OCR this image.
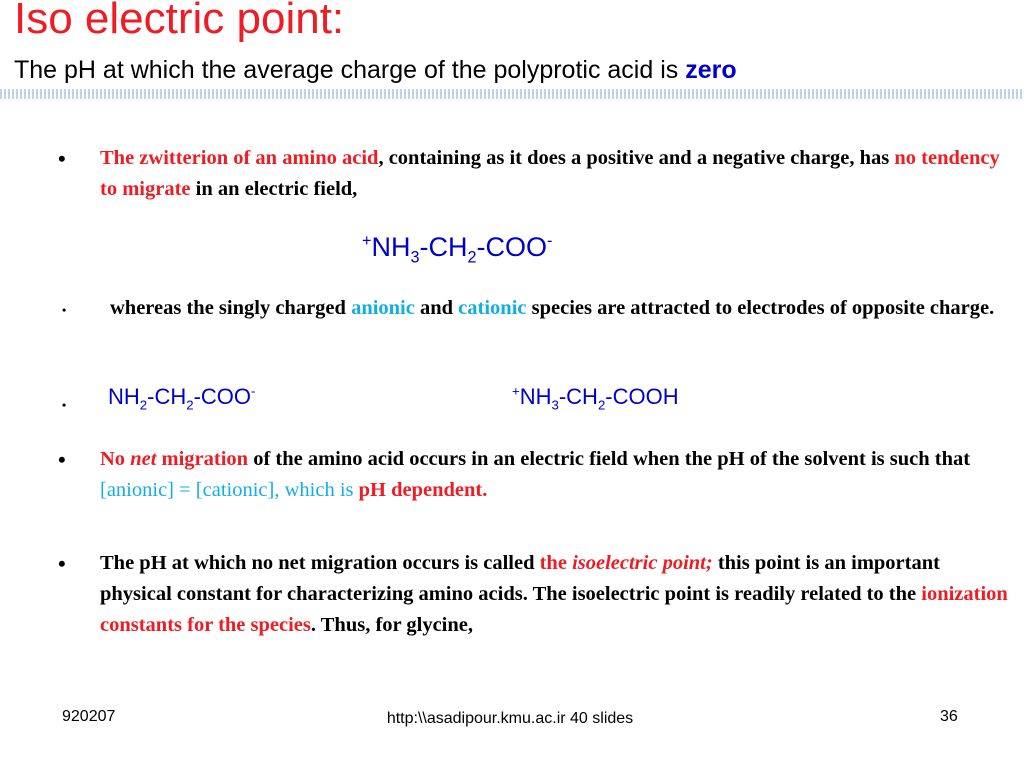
Iso electric point:
The pH at which the average charge of the polyprotic acid is zero
• The zwitterion of an amino acid, containing as it does a positive and a negative charge, has no tendency to migrate in an electric field,
$^+NH_3-CH_2-COO^-$
•	whereas the singly charged anionic and cationic species are attracted to electrodes of opposite charge.
• $NH_2-CH_2-COO^-$	$^+NH_3-CH_2$-COOH
• No net migration of the amino acid occurs in an electric field when the pH of the solvent is such that [anionic] = [cationic], which is pH dependent.
• The pH at which no net migration occurs is called the isoelectric point; this point is an important physical constant for characterizing amino acids. The isoelectric point is readily related to the ionization constants for the species. Thus, for glycine,
920207	http:\\asadipour.kmu.ac.ir 40 slides	36
